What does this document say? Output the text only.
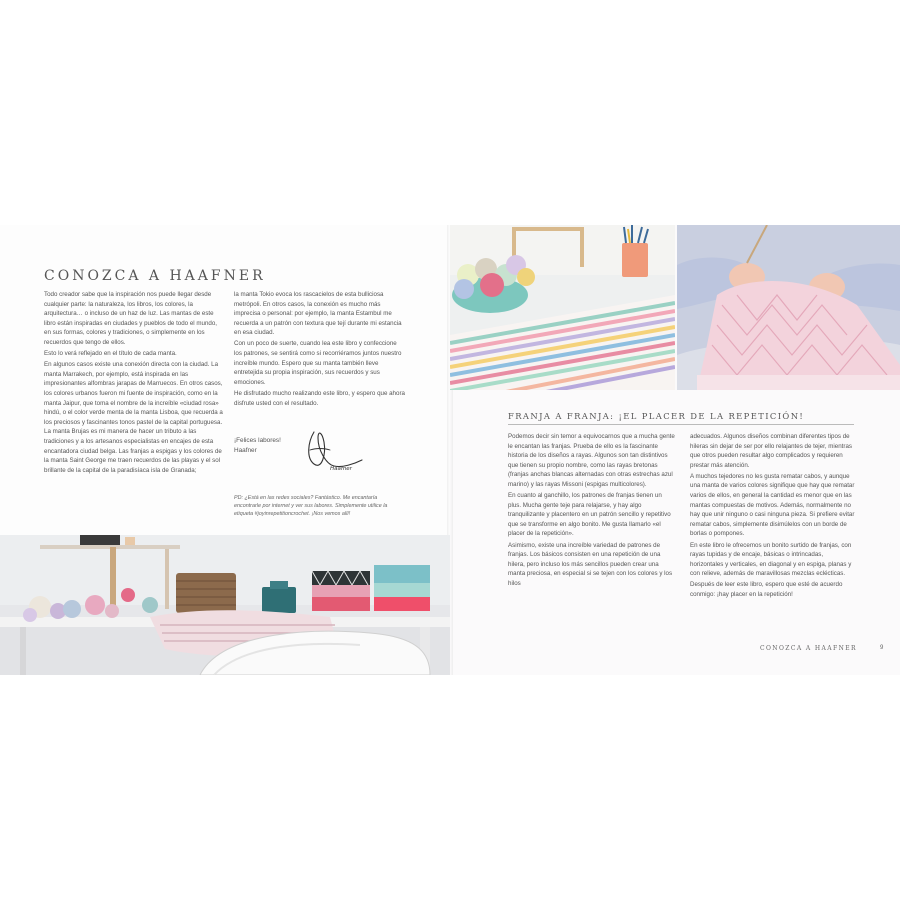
CONOZCA A HAAFNER

Todo creador sabe que la inspiración nos puede llegar desde cualquier parte: la naturaleza, los libros, los colores, la arquitectura… o incluso de un haz de luz. Las mantas de este libro están inspiradas en ciudades y pueblos de todo el mundo, en sus formas, colores y tradiciones, o simplemente en los recuerdos que tengo de ellos.

Esto lo verá reflejado en el título de cada manta.

En algunos casos existe una conexión directa con la ciudad. La manta Marrakech, por ejemplo, está inspirada en las impresionantes alfombras jarapas de Marruecos. En otros casos, los colores urbanos fueron mi fuente de inspiración, como en la manta Jaipur, que toma el nombre de la increíble «ciudad rosa» hindú, o el color verde menta de la manta Lisboa, que recuerda a los preciosos y fascinantes tonos pastel de la capital portuguesa. La manta Brujas es mi manera de hacer un tributo a las tradiciones y a los artesanos especialistas en encajes de esta encantadora ciudad belga. Las franjas a espigas y los colores de la manta Saint George me traen recuerdos de las playas y el sol brillante de la capital de la paradisíaca isla de Granada;

la manta Tokio evoca los rascacielos de esta bulliciosa metrópoli. En otros casos, la conexión es mucho más imprecisa o personal: por ejemplo, la manta Estambul me recuerda a un patrón con textura que tejí durante mi estancia en esa ciudad.

Con un poco de suerte, cuando lea este libro y confeccione los patrones, se sentirá como si recorriéramos juntos nuestro increíble mundo. Espero que su manta también lleve entretejida su propia inspiración, sus recuerdos y sus emociones.

He disfrutado mucho realizando este libro, y espero que ahora disfrute usted con el resultado.

¡Felices labores!

Haafner

Haafner
PD: ¿Está en las redes sociales? Fantástico. Me encantaría encontrarle por internet y ver sus labores. Simplemente utilice la etiqueta #joyinrepetitioncrochet. ¡Nos vemos allí!
FRANJA A FRANJA: ¡EL PLACER DE LA REPETICIÓN!

Podemos decir sin temor a equivocarnos que a mucha gente le encantan las franjas. Prueba de ello es la fascinante historia de los diseños a rayas. Algunos son tan distintivos que tienen su propio nombre, como las rayas bretonas (franjas anchas blancas alternadas con otras estrechas azul marino) y las rayas Missoni (espigas multicolores).

En cuanto al ganchillo, los patrones de franjas tienen un plus. Mucha gente teje para relajarse, y hay algo tranquilizante y placentero en un patrón sencillo y repetitivo que se transforme en algo bonito. Me gusta llamarlo «el placer de la repetición».

Asimismo, existe una increíble variedad de patrones de franjas. Los básicos consisten en una repetición de una hilera, pero incluso los más sencillos pueden crear una manta preciosa, en especial si se tejen con los colores y los hilos

adecuados. Algunos diseños combinan diferentes tipos de hileras sin dejar de ser por ello relajantes de tejer, mientras que otros pueden resultar algo complicados y requieren prestar más atención.

A muchos tejedores no les gusta rematar cabos, y aunque una manta de varios colores signifique que hay que rematar varios de ellos, en general la cantidad es menor que en las mantas compuestas de motivos. Además, normalmente no hay que unir ninguno o casi ninguna pieza. Si prefiere evitar rematar cabos, simplemente disimúlelos con un borde de borlas o pompones.

En este libro le ofrecemos un bonito surtido de franjas, con rayas tupidas y de encaje, básicas o intrincadas, horizontales y verticales, en diagonal y en espiga, planas y con relieve, además de maravillosas mezclas eclécticas.

Después de leer este libro, espero que esté de acuerdo conmigo: ¡hay placer en la repetición!

CONOZCA A HAAFNER	9
